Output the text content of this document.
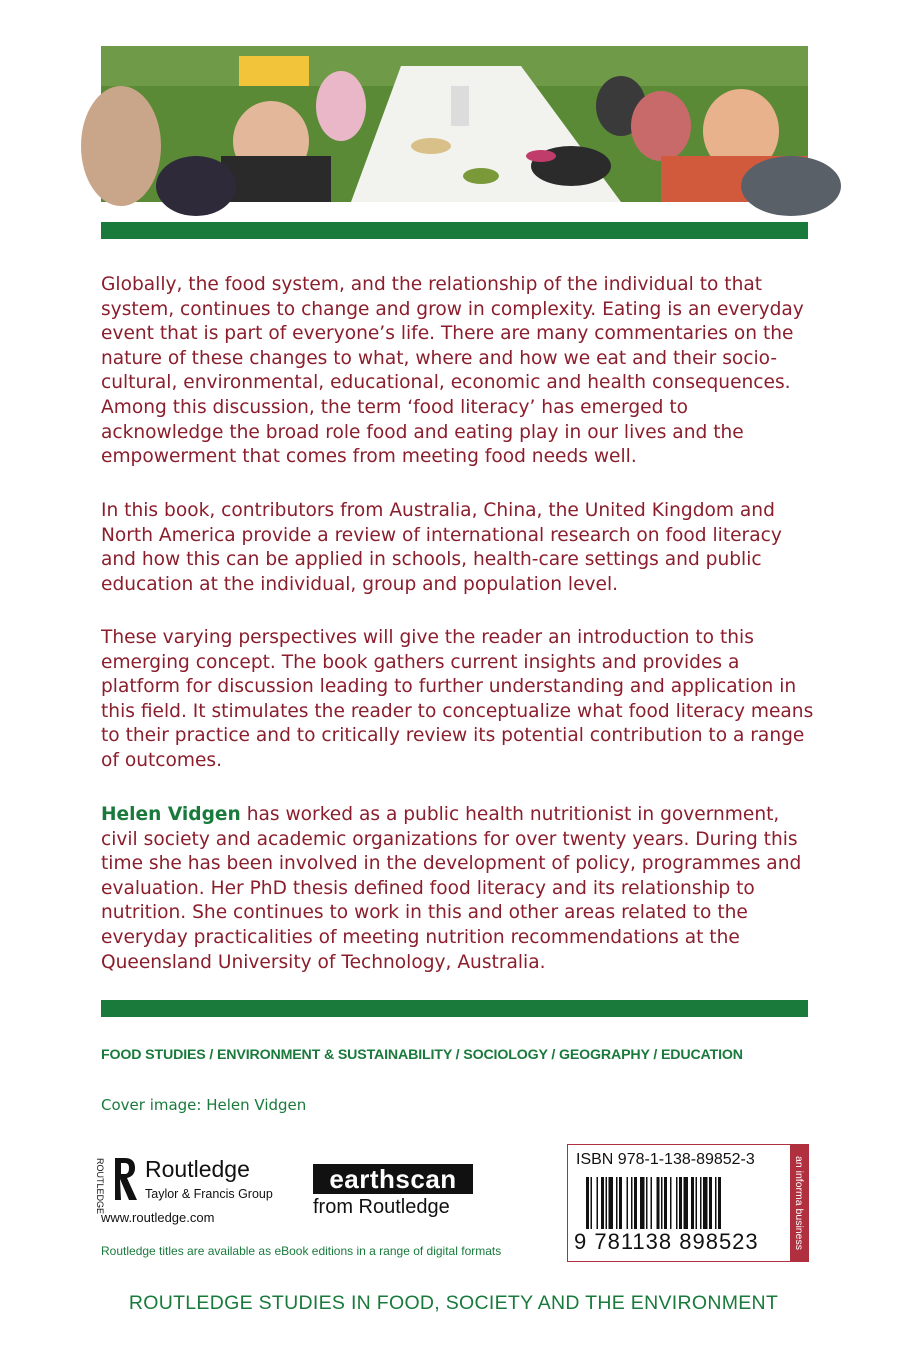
Globally, the food system, and the relationship of the individual to that system, continues to change and grow in complexity. Eating is an everyday event that is part of everyone’s life. There are many commentaries on the nature of these changes to what, where and how we eat and their socio-cultural, environmental, educational, economic and health consequences. Among this discussion, the term ‘food literacy’ has emerged to acknowledge the broad role food and eating play in our lives and the empowerment that comes from meeting food needs well.

In this book, contributors from Australia, China, the United Kingdom and North America provide a review of international research on food literacy and how this can be applied in schools, health-care settings and public education at the individual, group and population level.

These varying perspectives will give the reader an introduction to this emerging concept. The book gathers current insights and provides a platform for discussion leading to further understanding and application in this field. It stimulates the reader to conceptualize what food literacy means to their practice and to critically review its potential contribution to a range of outcomes.

Helen Vidgen has worked as a public health nutritionist in government, civil society and academic organizations for over twenty years. During this time she has been involved in the development of policy, programmes and evaluation. Her PhD thesis defined food literacy and its relationship to nutrition. She continues to work in this and other areas related to the everyday practicalities of meeting nutrition recommendations at the Queensland University of Technology, Australia.

FOOD STUDIES / ENVIRONMENT & SUSTAINABILITY / SOCIOLOGY / GEOGRAPHY / EDUCATION
Cover image: Helen Vidgen
ROUTLEDGE Routledge
Taylor & Francis Group
www.routledge.com
earthscan
from Routledge
Routledge titles are available as eBook editions in a range of digital formats
ISBN 978-1-138-89852-3
9 781138 898523	an informa business
ROUTLEDGE STUDIES IN FOOD, SOCIETY AND THE ENVIRONMENT
